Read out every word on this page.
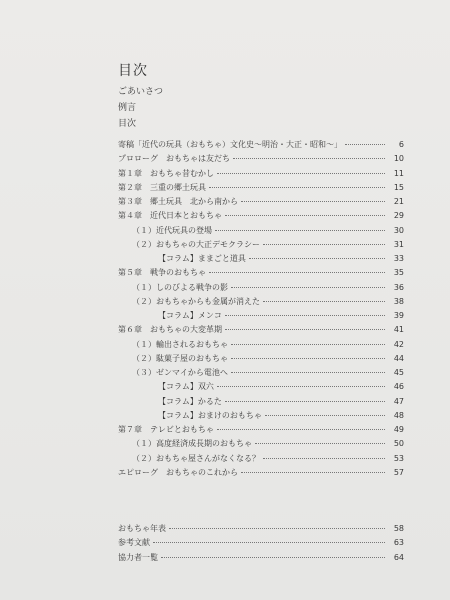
目次
ごあいさつ
例言
目次
寄稿「近代の玩具（おもちゃ）文化史〜明治・大正・昭和〜」	6
プロローグ　おもちゃは友だち	10
第１章　おもちゃ昔むかし	11
第２章　三重の郷土玩具	15
第３章　郷土玩具　北から南から	21
第４章　近代日本とおもちゃ	29
（１）近代玩具の登場	30
（２）おもちゃの大正デモクラシー	31
【コラム】ままごと道具	33
第５章　戦争のおもちゃ	35
（１）しのびよる戦争の影	36
（２）おもちゃからも金属が消えた	38
【コラム】メンコ	39
第６章　おもちゃの大変革期	41
（１）輸出されるおもちゃ	42
（２）駄菓子屋のおもちゃ	44
（３）ゼンマイから電池へ	45
【コラム】双六	46
【コラム】かるた	47
【コラム】おまけのおもちゃ	48
第７章　テレビとおもちゃ	49
（１）高度経済成長期のおもちゃ	50
（２）おもちゃ屋さんがなくなる？	53
エピローグ　おもちゃのこれから	57
おもちゃ年表	58
参考文献	63
協力者一覧	64
